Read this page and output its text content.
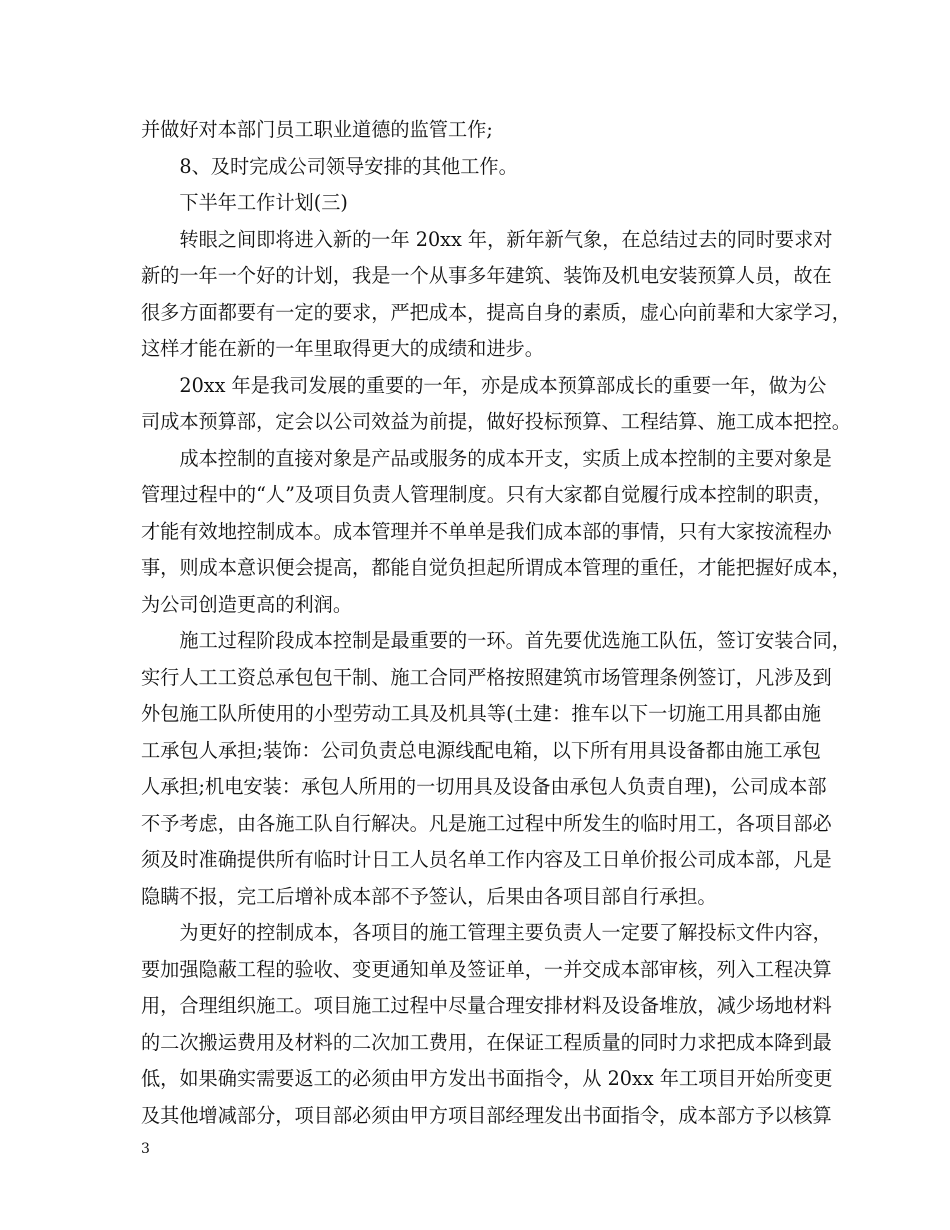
并做好对本部门员工职业道德的监管工作;

8、及时完成公司领导安排的其他工作。

下半年工作计划(三)

转眼之间即将进入新的一年 20xx 年，新年新气象，在总结过去的同时要求对
新的一年一个好的计划，我是一个从事多年建筑、装饰及机电安装预算人员，故在
很多方面都要有一定的要求，严把成本，提高自身的素质，虚心向前辈和大家学习，
这样才能在新的一年里取得更大的成绩和进步。

20xx 年是我司发展的重要的一年，亦是成本预算部成长的重要一年，做为公
司成本预算部，定会以公司效益为前提，做好投标预算、工程结算、施工成本把控。

成本控制的直接对象是产品或服务的成本开支，实质上成本控制的主要对象是
管理过程中的“人”及项目负责人管理制度。只有大家都自觉履行成本控制的职责，
才能有效地控制成本。成本管理并不单单是我们成本部的事情，只有大家按流程办
事，则成本意识便会提高，都能自觉负担起所谓成本管理的重任，才能把握好成本，
为公司创造更高的利润。

施工过程阶段成本控制是最重要的一环。首先要优选施工队伍，签订安装合同，
实行人工工资总承包包干制、施工合同严格按照建筑市场管理条例签订，凡涉及到
外包施工队所使用的小型劳动工具及机具等(土建：推车以下一切施工用具都由施
工承包人承担;装饰：公司负责总电源线配电箱，以下所有用具设备都由施工承包
人承担;机电安装：承包人所用的一切用具及设备由承包人负责自理)，公司成本部
不予考虑，由各施工队自行解决。凡是施工过程中所发生的临时用工，各项目部必
须及时准确提供所有临时计日工人员名单工作内容及工日单价报公司成本部，凡是
隐瞒不报，完工后增补成本部不予签认，后果由各项目部自行承担。

为更好的控制成本，各项目的施工管理主要负责人一定要了解投标文件内容，
要加强隐蔽工程的验收、变更通知单及签证单，一并交成本部审核，列入工程决算
用，合理组织施工。项目施工过程中尽量合理安排材料及设备堆放，减少场地材料
的二次搬运费用及材料的二次加工费用，在保证工程质量的同时力求把成本降到最
低，如果确实需要返工的必须由甲方发出书面指令，从 20xx 年工项目开始所变更
及其他增减部分，项目部必须由甲方项目部经理发出书面指令，成本部方予以核算

3
